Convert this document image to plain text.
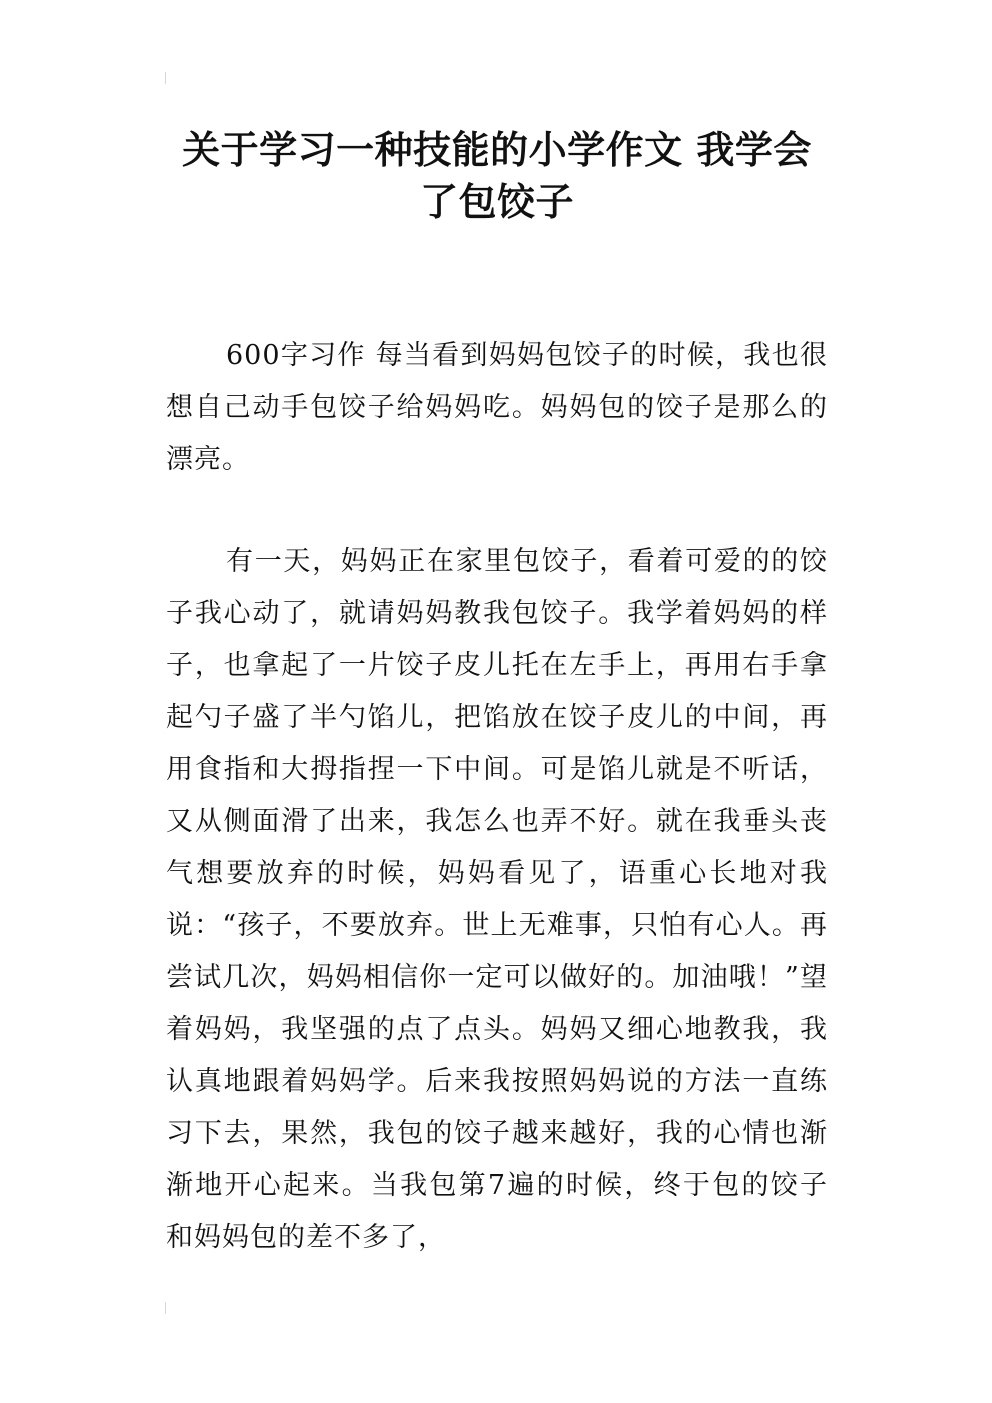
关于学习一种技能的小学作文 我学会了包饺子

600字习作 每当看到妈妈包饺子的时候，我也很想自己动手包饺子给妈妈吃。妈妈包的饺子是那么的漂亮。

有一天，妈妈正在家里包饺子，看着可爱的的饺子我心动了，就请妈妈教我包饺子。我学着妈妈的样子，也拿起了一片饺子皮儿托在左手上，再用右手拿起勺子盛了半勺馅儿，把馅放在饺子皮儿的中间，再用食指和大拇指捏一下中间。可是馅儿就是不听话，又从侧面滑了出来，我怎么也弄不好。就在我垂头丧气想要放弃的时候，妈妈看见了，语重心长地对我说：“孩子，不要放弃。世上无难事，只怕有心人。再尝试几次，妈妈相信你一定可以做好的。加油哦！”望着妈妈，我坚强的点了点头。妈妈又细心地教我，我认真地跟着妈妈学。后来我按照妈妈说的方法一直练习下去，果然，我包的饺子越来越好，我的心情也渐渐地开心起来。当我包第7遍的时候，终于包的饺子和妈妈包的差不多了，
